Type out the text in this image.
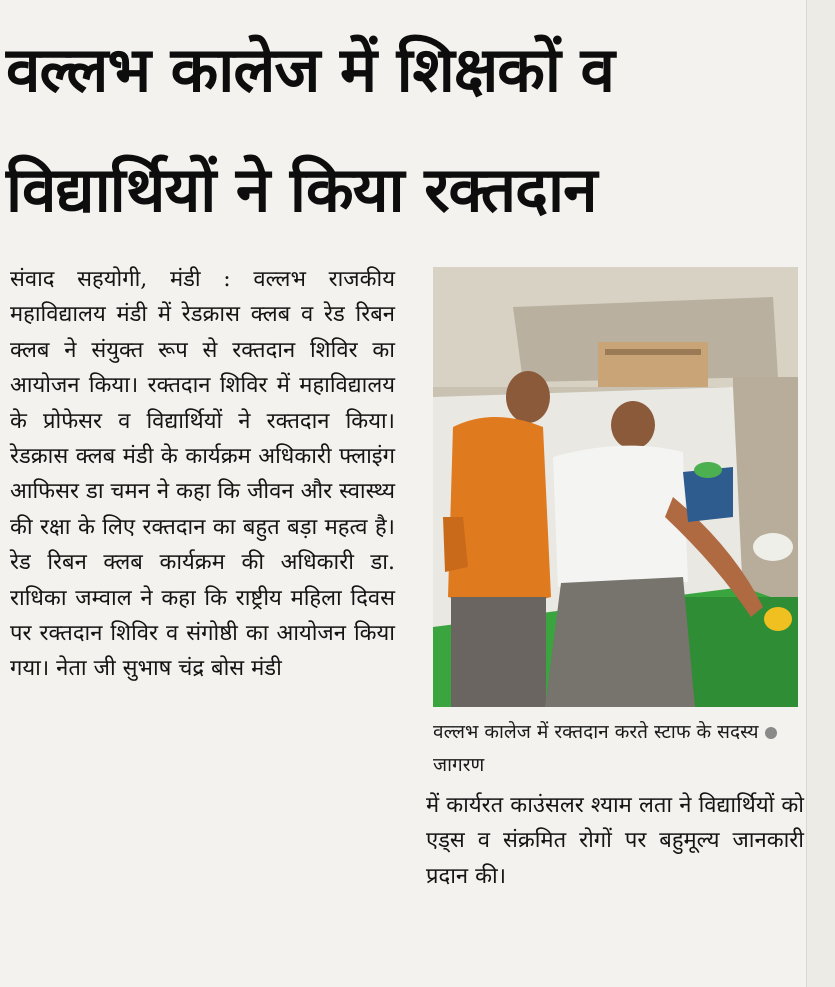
वल्लभ कालेज में शिक्षकों व
विद्यार्थियों ने किया रक्तदान

संवाद सहयोगी, मंडी : वल्लभ राजकीय महाविद्यालय मंडी में रेडक्रास क्लब व रेड रिबन क्लब ने संयुक्त रूप से रक्तदान शिविर का आयोजन किया। रक्तदान शिविर में महाविद्यालय के प्रोफेसर व विद्यार्थियों ने रक्तदान किया। रेडक्रास क्लब मंडी के कार्यक्रम अधिकारी फ्लाइंग आफिसर डा चमन ने कहा कि जीवन और स्वास्थ्य की रक्षा के लिए रक्तदान का बहुत बड़ा महत्व है। रेड रिबन क्लब कार्यक्रम की अधिकारी डा. राधिका जम्वाल ने कहा कि राष्ट्रीय महिला दिवस पर रक्तदान शिविर व संगोष्ठी का आयोजन किया गया। नेता जी सुभाष चंद्र बोस मंडी

वल्लभ कालेज में रक्तदान करते स्टाफ के सदस्यजागरण

में कार्यरत काउंसलर श्याम लता ने विद्यार्थियों को एड्स व संक्रमित रोगों पर बहुमूल्य जानकारी प्रदान की।
